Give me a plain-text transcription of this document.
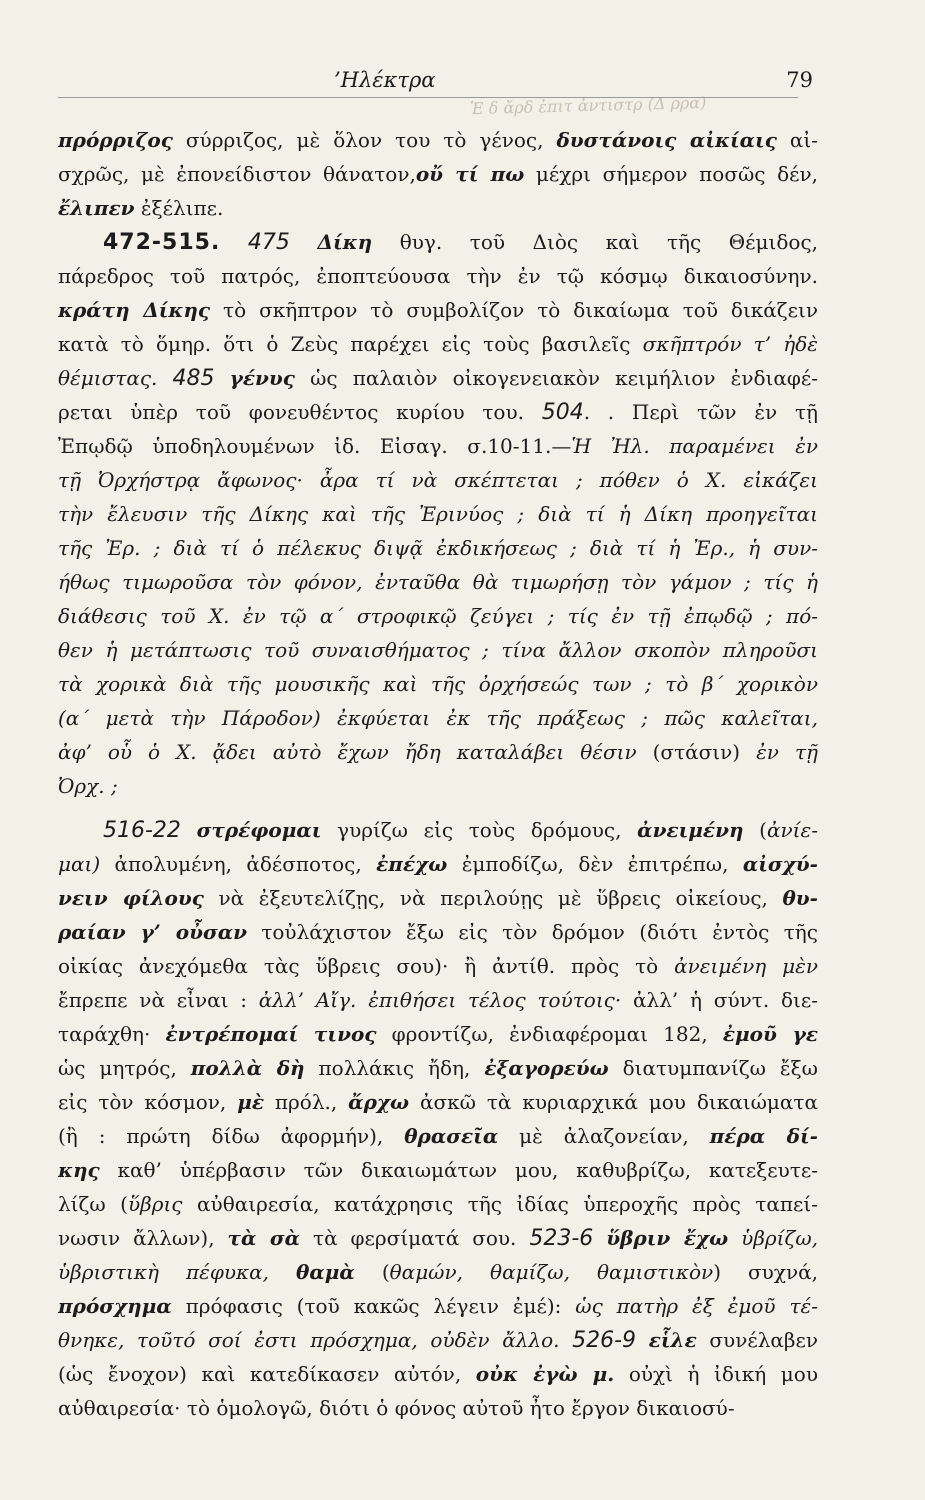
’Ηλέκτρα
Ἐ δ ἄρδ ἐπιτ ἀντιστρ (Δ ρρα)
79
πρόρριζος σύρριζος, μὲ ὅλον του τὸ γένος, δυστάνοις αἰκίαις αἰ-
σχρῶς, μὲ ἐπονείδιστον θάνατον,οὔ τί πω μέχρι σήμερον ποσῶς δέν,
ἔλιπεν ἐξέλιπε.
472-515. 475 Δίκη θυγ. τοῦ Διὸς καὶ τῆς Θέμιδος,
πάρεδρος τοῦ πατρός, ἐποπτεύουσα τὴν ἐν τῷ κόσμῳ δικαιοσύνην.
κράτη Δίκης τὸ σκῆπτρον τὸ συμβολίζον τὸ δικαίωμα τοῦ δικάζειν
κατὰ τὸ ὅμηρ. ὅτι ὁ Ζεὺς παρέχει εἰς τοὺς βασιλεῖς σκῆπτρόν τ’ ἠδὲ
θέμιστας. 485 γένυς ὡς παλαιὸν οἰκογενειακὸν κειμήλιον ἐνδιαφέ-
ρεται ὑπὲρ τοῦ φονευθέντος κυρίου του. 504. . Περὶ τῶν ἐν τῇ
Ἐπῳδῷ ὑποδηλουμένων ἰδ. Εἰσαγ. σ.10-11.—Ἡ Ἠλ. παραμένει ἐν
τῇ Ὀρχήστρᾳ ἄφωνος· ἆρα τί νὰ σκέπτεται ; πόθεν ὁ Χ. εἰκάζει
τὴν ἔλευσιν τῆς Δίκης καὶ τῆς Ἐρινύος ; διὰ τί ἡ Δίκη προηγεῖται
τῆς Ἐρ. ; διὰ τί ὁ πέλεκυς διψᾷ ἐκδικήσεως ; διὰ τί ἡ Ἐρ., ἡ συν-
ήθως τιμωροῦσα τὸν φόνον, ἐνταῦθα θὰ τιμωρήσῃ τὸν γάμον ; τίς ἡ
διάθεσις τοῦ Χ. ἐν τῷ α΄ στροφικῷ ζεύγει ; τίς ἐν τῇ ἐπῳδῷ ; πό-
θεν ἡ μετάπτωσις τοῦ συναισθήματος ; τίνα ἄλλον σκοπὸν πληροῦσι
τὰ χορικὰ διὰ τῆς μουσικῆς καὶ τῆς ὀρχήσεώς των ; τὸ β΄ χορικὸν
(α΄ μετὰ τὴν Πάροδον) ἐκφύεται ἐκ τῆς πράξεως ; πῶς καλεῖται,
ἀφ’ οὗ ὁ Χ. ᾄδει αὐτὸ ἔχων ἤδη καταλάβει θέσιν (στάσιν) ἐν τῇ
Ὀρχ. ;
516-22 στρέφομαι γυρίζω εἰς τοὺς δρόμους, ἀνειμένη (ἀνίε-
μαι) ἀπολυμένη, ἀδέσποτος, ἐπέχω ἐμποδίζω, δὲν ἐπιτρέπω, αἰσχύ-
νειν φίλους νὰ ἐξευτελίζῃς, νὰ περιλούῃς μὲ ὕβρεις οἰκείους, θυ-
ραίαν γ’ οὖσαν τοὐλάχιστον ἔξω εἰς τὸν δρόμον (διότι ἐντὸς τῆς
οἰκίας ἀνεχόμεθα τὰς ὕβρεις σου)· ἢ ἀντίθ. πρὸς τὸ ἀνειμένη μὲν
ἔπρεπε νὰ εἶναι : ἀλλ’ Αἴγ. ἐπιθήσει τέλος τούτοις· ἀλλ’ ἡ σύντ. διε-
ταράχθη· ἐντρέπομαί τινος φροντίζω, ἐνδιαφέρομαι 182, ἐμοῦ γε
ὡς μητρός, πολλὰ δὴ πολλάκις ἤδη, ἐξαγορεύω διατυμπανίζω ἔξω
εἰς τὸν κόσμον, μὲ πρόλ., ἄρχω ἀσκῶ τὰ κυριαρχικά μου δικαιώματα
(ἢ : πρώτη δίδω ἀφορμήν), θρασεῖα μὲ ἀλαζονείαν, πέρα δί-
κης καθ’ ὑπέρβασιν τῶν δικαιωμάτων μου, καθυβρίζω, κατεξευτε-
λίζω (ὕβρις αὐθαιρεσία, κατάχρησις τῆς ἰδίας ὑπεροχῆς πρὸς ταπεί-
νωσιν ἄλλων), τὰ σὰ τὰ φερσίματά σου. 523-6 ὕβριν ἔχω ὑβρίζω,
ὑβριστικὴ πέφυκα, θαμὰ (θαμών, θαμίζω, θαμιστικὸν) συχνά,
πρόσχημα πρόφασις (τοῦ κακῶς λέγειν ἐμέ): ὡς πατὴρ ἐξ ἐμοῦ τέ-
θνηκε, τοῦτό σοί ἐστι πρόσχημα, οὐδὲν ἄλλο. 526-9 εἷλε συνέλαβεν
(ὡς ἔνοχον) καὶ κατεδίκασεν αὐτόν, οὐκ ἐγὼ μ. οὐχὶ ἡ ἰδική μου
αὐθαιρεσία· τὸ ὁμολογῶ, διότι ὁ φόνος αὐτοῦ ἦτο ἔργον δικαιοσύ-
